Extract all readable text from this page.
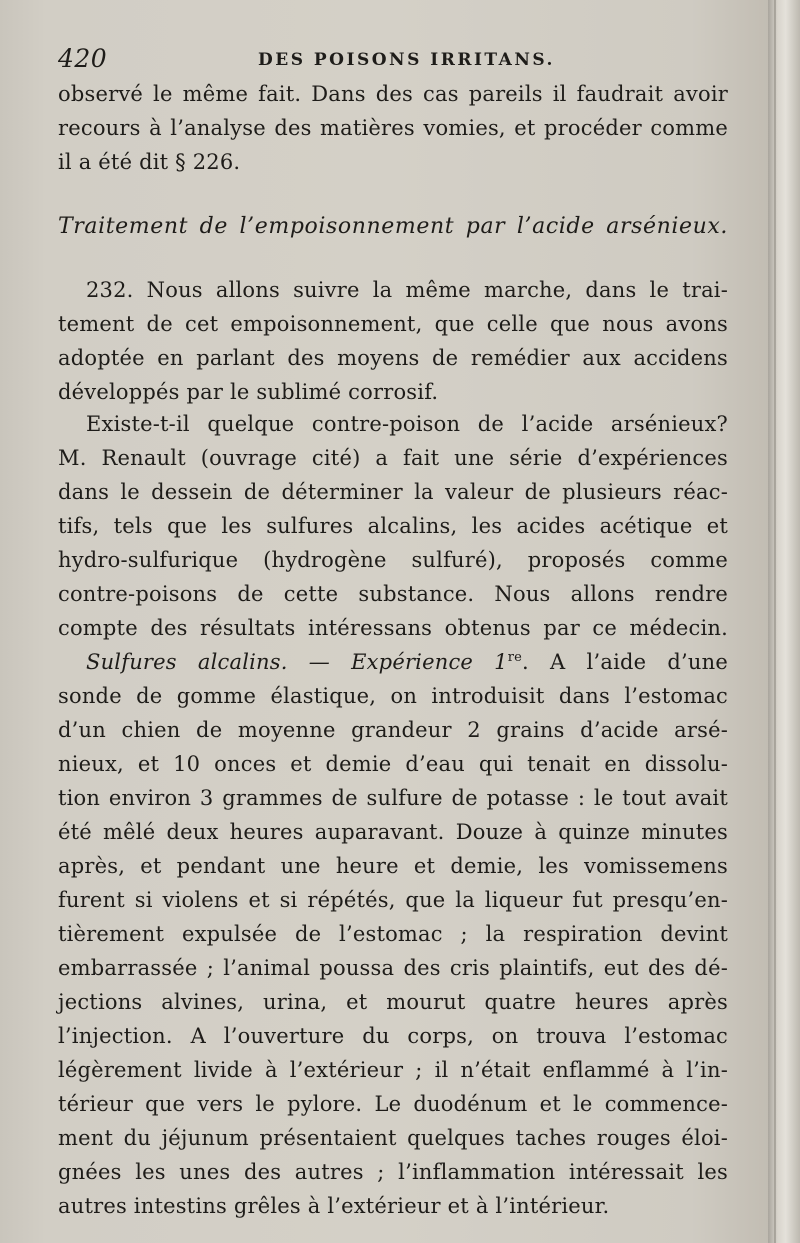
420	DES POISONS IRRITANS.
observé le même fait. Dans des cas pareils il faudrait avoir
recours à l’analyse des matières vomies, et procéder comme
il a été dit § 226.
Traitement de l’empoisonnement par l’acide arsénieux.
232. Nous allons suivre la même marche, dans le trai-
tement de cet empoisonnement, que celle que nous avons
adoptée en parlant des moyens de remédier aux accidens
développés par le sublimé corrosif.
Existe-t-il quelque contre-poison de l’acide arsénieux?
M. Renault (ouvrage cité) a fait une série d’expériences
dans le dessein de déterminer la valeur de plusieurs réac-
tifs, tels que les sulfures alcalins, les acides acétique et
hydro-sulfurique (hydrogène sulfuré), proposés comme
contre-poisons de cette substance. Nous allons rendre
compte des résultats intéressans obtenus par ce médecin.
Sulfures alcalins. — Expérience 1re. A l’aide d’une
sonde de gomme élastique, on introduisit dans l’estomac
d’un chien de moyenne grandeur 2 grains d’acide arsé-
nieux, et 10 onces et demie d’eau qui tenait en dissolu-
tion environ 3 grammes de sulfure de potasse : le tout avait
été mêlé deux heures auparavant. Douze à quinze minutes
après, et pendant une heure et demie, les vomissemens
furent si violens et si répétés, que la liqueur fut presqu’en-
tièrement expulsée de l’estomac ; la respiration devint
embarrassée ; l’animal poussa des cris plaintifs, eut des dé-
jections alvines, urina, et mourut quatre heures après
l’injection. A l’ouverture du corps, on trouva l’estomac
légèrement livide à l’extérieur ; il n’était enflammé à l’in-
térieur que vers le pylore. Le duodénum et le commence-
ment du jéjunum présentaient quelques taches rouges éloi-
gnées les unes des autres ; l’inflammation intéressait les
autres intestins grêles à l’extérieur et à l’intérieur.
